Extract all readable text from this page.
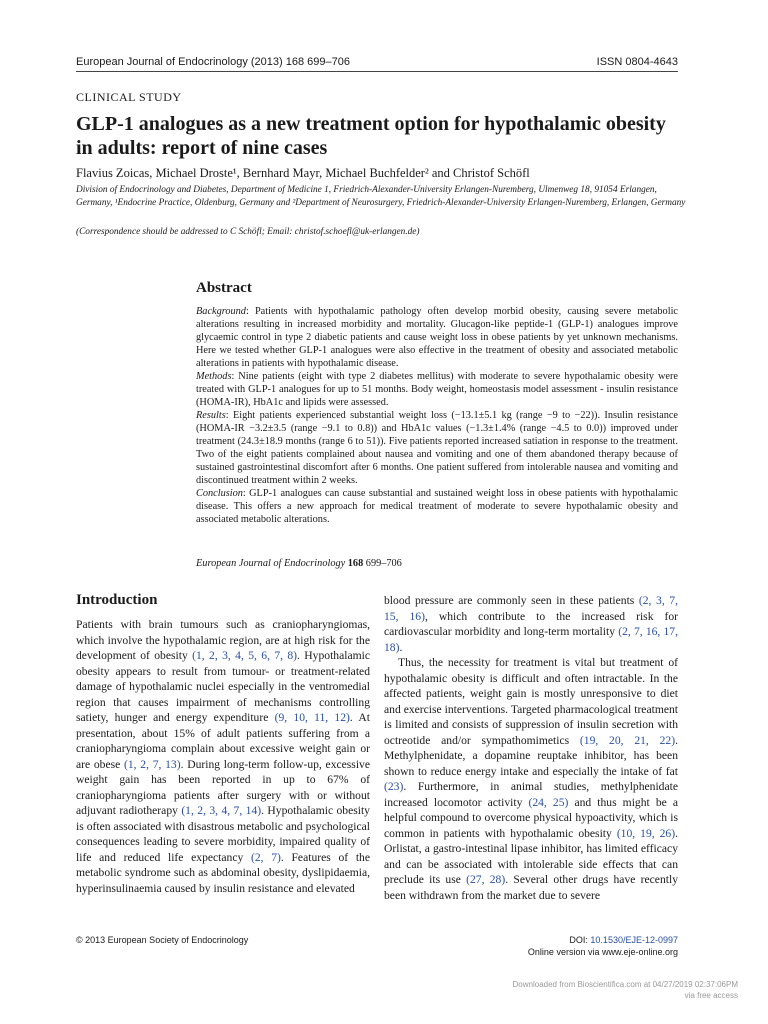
European Journal of Endocrinology (2013) 168 699–706	ISSN 0804-4643
CLINICAL STUDY
GLP-1 analogues as a new treatment option for hypothalamic obesity in adults: report of nine cases
Flavius Zoicas, Michael Droste¹, Bernhard Mayr, Michael Buchfelder² and Christof Schöfl
Division of Endocrinology and Diabetes, Department of Medicine 1, Friedrich-Alexander-University Erlangen-Nuremberg, Ulmenweg 18, 91054 Erlangen, Germany, ¹Endocrine Practice, Oldenburg, Germany and ²Department of Neurosurgery, Friedrich-Alexander-University Erlangen-Nuremberg, Erlangen, Germany
(Correspondence should be addressed to C Schöfl; Email: christof.schoefl@uk-erlangen.de)
Abstract

Background: Patients with hypothalamic pathology often develop morbid obesity, causing severe metabolic alterations resulting in increased morbidity and mortality. Glucagon-like peptide-1 (GLP-1) analogues improve glycaemic control in type 2 diabetic patients and cause weight loss in obese patients by yet unknown mechanisms. Here we tested whether GLP-1 analogues were also effective in the treatment of obesity and associated metabolic alterations in patients with hypothalamic disease.

Methods: Nine patients (eight with type 2 diabetes mellitus) with moderate to severe hypothalamic obesity were treated with GLP-1 analogues for up to 51 months. Body weight, homeostasis model assessment - insulin resistance (HOMA-IR), HbA1c and lipids were assessed.

Results: Eight patients experienced substantial weight loss (−13.1±5.1 kg (range −9 to −22)). Insulin resistance (HOMA-IR −3.2±3.5 (range −9.1 to 0.8)) and HbA1c values (−1.3±1.4% (range −4.5 to 0.0)) improved under treatment (24.3±18.9 months (range 6 to 51)). Five patients reported increased satiation in response to the treatment. Two of the eight patients complained about nausea and vomiting and one of them abandoned therapy because of sustained gastrointestinal discomfort after 6 months. One patient suffered from intolerable nausea and vomiting and discontinued treatment within 2 weeks.

Conclusion: GLP-1 analogues can cause substantial and sustained weight loss in obese patients with hypothalamic disease. This offers a new approach for medical treatment of moderate to severe hypothalamic obesity and associated metabolic alterations.

European Journal of Endocrinology 168 699–706
Introduction

Patients with brain tumours such as craniopharyngiomas, which involve the hypothalamic region, are at high risk for the development of obesity (1, 2, 3, 4, 5, 6, 7, 8). Hypothalamic obesity appears to result from tumour- or treatment-related damage of hypothalamic nuclei especially in the ventromedial region that causes impairment of mechanisms controlling satiety, hunger and energy expenditure (9, 10, 11, 12). At presentation, about 15% of adult patients suffering from a craniopharyngioma complain about excessive weight gain or are obese (1, 2, 7, 13). During long-term follow-up, excessive weight gain has been reported in up to 67% of craniopharyngioma patients after surgery with or without adjuvant radiotherapy (1, 2, 3, 4, 7, 14). Hypothalamic obesity is often associated with disastrous metabolic and psychological consequences leading to severe morbidity, impaired quality of life and reduced life expectancy (2, 7). Features of the metabolic syndrome such as abdominal obesity, dyslipidaemia, hyperinsulinaemia caused by insulin resistance and elevated

blood pressure are commonly seen in these patients (2, 3, 7, 15, 16), which contribute to the increased risk for cardiovascular morbidity and long-term mortality (2, 7, 16, 17, 18).

Thus, the necessity for treatment is vital but treatment of hypothalamic obesity is difficult and often intractable. In the affected patients, weight gain is mostly unresponsive to diet and exercise interventions. Targeted pharmacological treatment is limited and consists of suppression of insulin secretion with octreotide and/or sympathomimetics (19, 20, 21, 22). Methylphenidate, a dopamine reuptake inhibitor, has been shown to reduce energy intake and especially the intake of fat (23). Furthermore, in animal studies, methylphenidate increased locomotor activity (24, 25) and thus might be a helpful compound to overcome physical hypoactivity, which is common in patients with hypothalamic obesity (10, 19, 26). Orlistat, a gastro-intestinal lipase inhibitor, has limited efficacy and can be associated with intolerable side effects that can preclude its use (27, 28). Several other drugs have recently been withdrawn from the market due to severe

© 2013 European Society of Endocrinology	DOI: 10.1530/EJE-12-0997
Online version via www.eje-online.org
Downloaded from Bioscientifica.com at 04/27/2019 02:37:06PM
via free access
